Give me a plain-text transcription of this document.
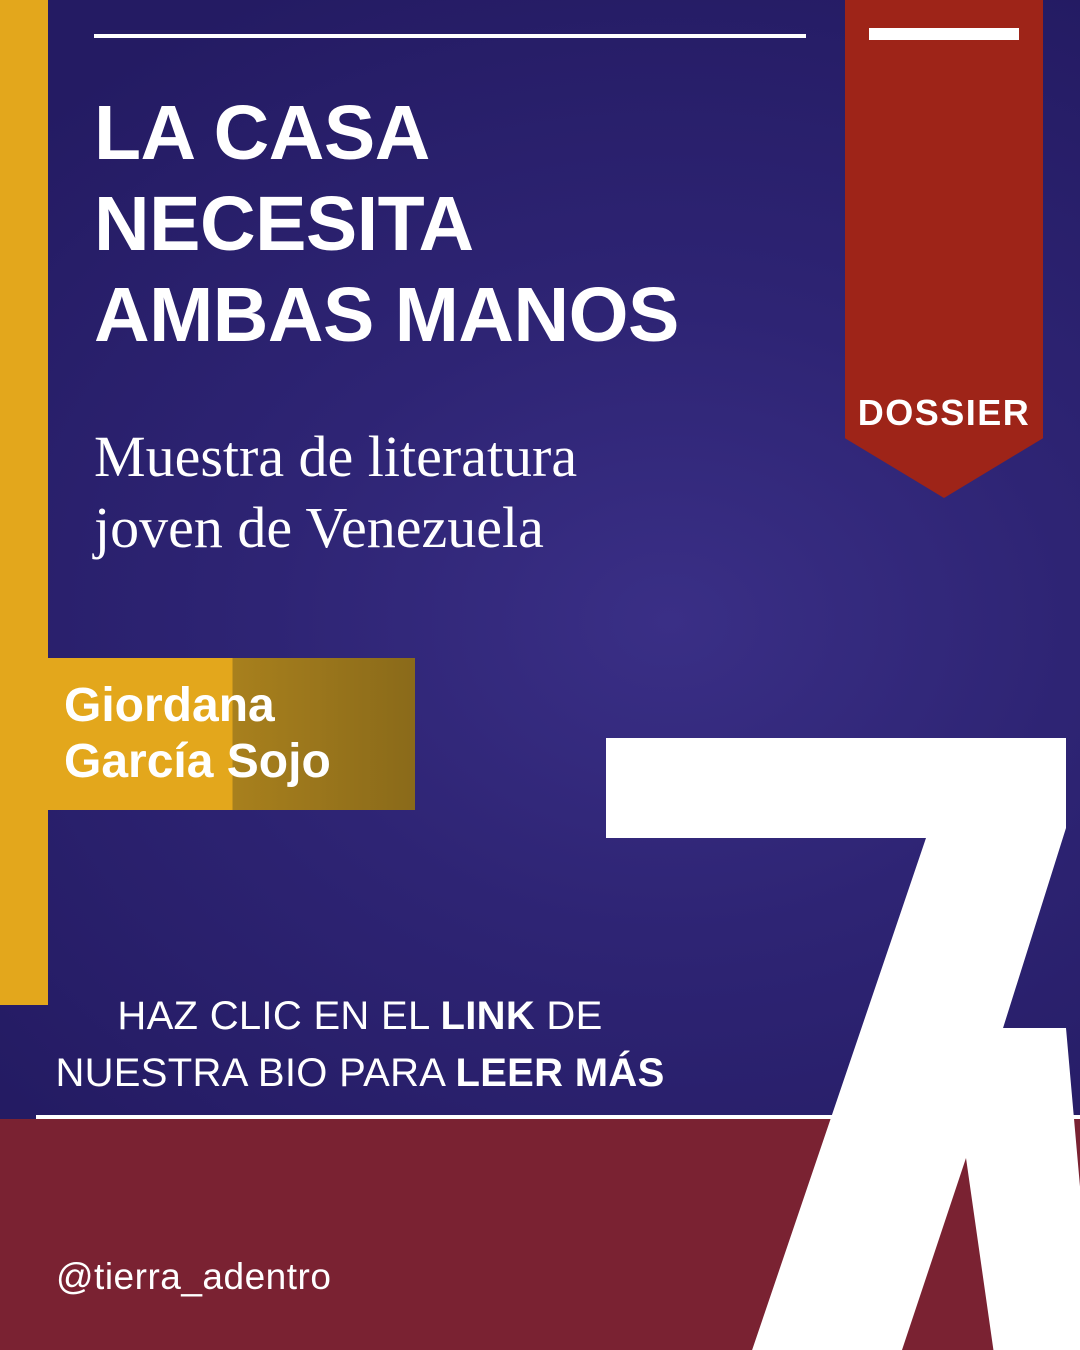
DOSSIER
LA CASA
NECESITA
AMBAS MANOS
Muestra de literatura
joven de Venezuela
Giordana
García Sojo
HAZ CLIC EN EL LINK DE
NUESTRA BIO PARA LEER MÁS
@tierra_adentro
